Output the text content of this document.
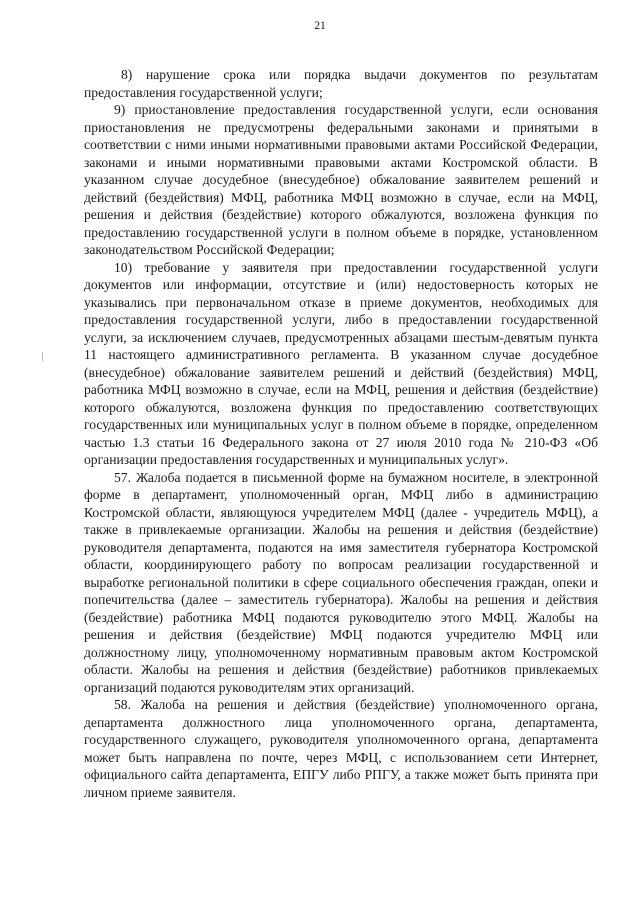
21

8) нарушение срока или порядка выдачи документов по результатам предоставления государственной услуги;

9) приостановление предоставления государственной услуги, если основания приостановления не предусмотрены федеральными законами и принятыми в соответствии с ними иными нормативными правовыми актами Российской Федерации, законами и иными нормативными правовыми актами Костромской области. В указанном случае досудебное (внесудебное) обжалование заявителем решений и действий (бездействия) МФЦ, работника МФЦ возможно в случае, если на МФЦ, решения и действия (бездействие) которого обжалуются, возложена функция по предоставлению государственной услуги в полном объеме в порядке, установленном законодательством Российской Федерации;

10) требование у заявителя при предоставлении государственной услуги документов или информации, отсутствие и (или) недостоверность которых не указывались при первоначальном отказе в приеме документов, необходимых для предоставления государственной услуги, либо в предоставлении государственной услуги, за исключением случаев, предусмотренных абзацами шестым-девятым пункта 11 настоящего административного регламента. В указанном случае досудебное (внесудебное) обжалование заявителем решений и действий (бездействия) МФЦ, работника МФЦ возможно в случае, если на МФЦ, решения и действия (бездействие) которого обжалуются, возложена функция по предоставлению соответствующих государственных или муниципальных услуг в полном объеме в порядке, определенном частью 1.3 статьи 16 Федерального закона от 27 июля 2010 года № 210-ФЗ «Об организации предоставления государственных и муниципальных услуг».

57. Жалоба подается в письменной форме на бумажном носителе, в электронной форме в департамент, уполномоченный орган, МФЦ либо в администрацию Костромской области, являющуюся учредителем МФЦ (далее - учредитель МФЦ), а также в привлекаемые организации. Жалобы на решения и действия (бездействие) руководителя департамента, подаются на имя заместителя губернатора Костромской области, координирующего работу по вопросам реализации государственной и выработке региональной политики в сфере социального обеспечения граждан, опеки и попечительства (далее – заместитель губернатора). Жалобы на решения и действия (бездействие) работника МФЦ подаются руководителю этого МФЦ. Жалобы на решения и действия (бездействие) МФЦ подаются учредителю МФЦ или должностному лицу, уполномоченному нормативным правовым актом Костромской области. Жалобы на решения и действия (бездействие) работников привлекаемых организаций подаются руководителям этих организаций.

58. Жалоба на решения и действия (бездействие) уполномоченного органа, департамента должностного лица уполномоченного органа, департамента, государственного служащего, руководителя уполномоченного органа, департамента может быть направлена по почте, через МФЦ, с использованием сети Интернет, официального сайта департамента, ЕПГУ либо РПГУ, а также может быть принята при личном приеме заявителя.
